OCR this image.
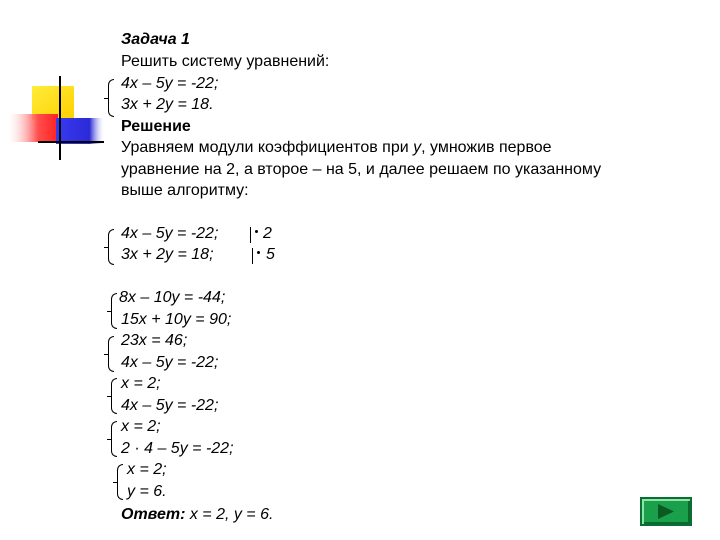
Задача 1
Решить систему уравнений:
4x – 5y = -22;
3x + 2y = 18.
Решение
Уравняем модули коэффициентов при y, умножив первое
уравнение на 2, а второе – на 5, и далее решаем по указанному
выше алгоритму:
4x – 5y = -22;
3x + 2y = 18;
2
5
8x – 10y = -44;
15x + 10y = 90;
23x = 46;
4x – 5y = -22;
x = 2;
4x – 5y = -22;
x = 2;
2 · 4 – 5y = -22;
x = 2;
y = 6.
Ответ: x = 2, y = 6.
